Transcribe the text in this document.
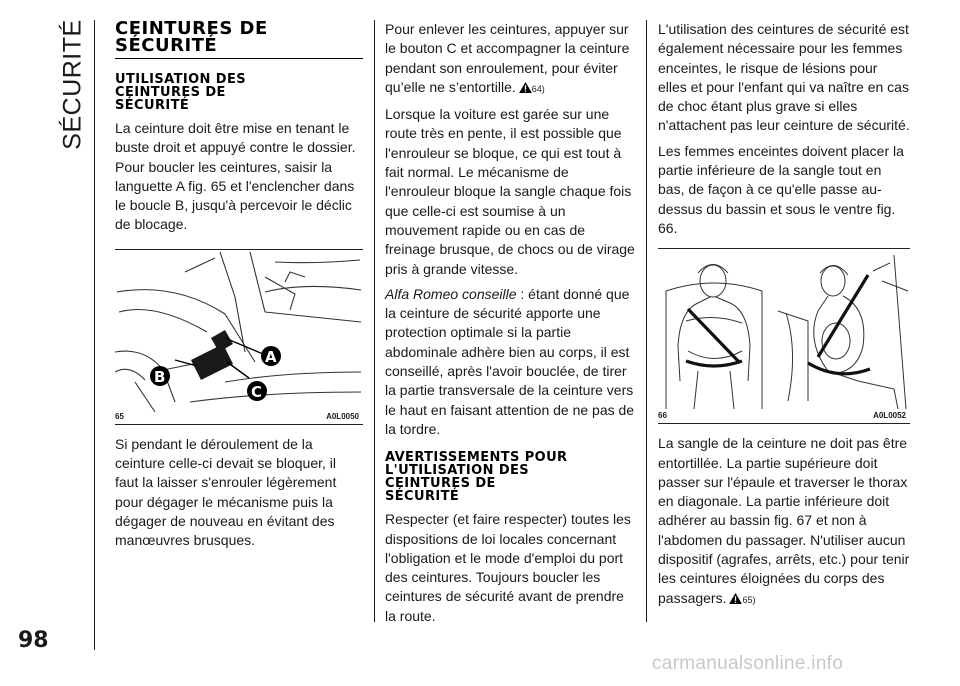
SÉCURITÉ CEINTURES DE
SÉCURITÉ
UTILISATION DES
CEINTURES DE
SÉCURITÉ

La ceinture doit être mise en tenant le buste droit et appuyé contre le dossier. Pour boucler les ceintures, saisir la languette A fig. 65 et l'enclencher dans le boucle B, jusqu'à percevoir le déclic de blocage.

A
B
C
65	A0L0050

Si pendant le déroulement de la ceinture celle-ci devait se bloquer, il faut la laisser s'enrouler légèrement pour dégager le mécanisme puis la dégager de nouveau en évitant des manœuvres brusques.

Pour enlever les ceintures, appuyer sur le bouton C et accompagner la ceinture pendant son enroulement, pour éviter qu’elle ne s’entortille. 64)

Lorsque la voiture est garée sur une route très en pente, il est possible que l'enrouleur se bloque, ce qui est tout à fait normal. Le mécanisme de l'enrouleur bloque la sangle chaque fois que celle-ci est soumise à un mouvement rapide ou en cas de freinage brusque, de chocs ou de virage pris à grande vitesse.

Alfa Romeo conseille : étant donné que la ceinture de sécurité apporte une protection optimale si la partie abdominale adhère bien au corps, il est conseillé, après l'avoir bouclée, de tirer la partie transversale de la ceinture vers le haut en faisant attention de ne pas de la tordre.

AVERTISSEMENTS POUR
L'UTILISATION DES
CEINTURES DE
SÉCURITÉ

Respecter (et faire respecter) toutes les dispositions de loi locales concernant l'obligation et le mode d'emploi du port des ceintures. Toujours boucler les ceintures de sécurité avant de prendre la route.

L'utilisation des ceintures de sécurité est également nécessaire pour les femmes enceintes, le risque de lésions pour elles et pour l'enfant qui va naître en cas de choc étant plus grave si elles n'attachent pas leur ceinture de sécurité.

Les femmes enceintes doivent placer la partie inférieure de la sangle tout en bas, de façon à ce qu'elle passe au-dessus du bassin et sous le ventre fig. 66.

66	A0L0052

La sangle de la ceinture ne doit pas être entortillée. La partie supérieure doit passer sur l'épaule et traverser le thorax en diagonale. La partie inférieure doit adhérer au bassin fig. 67 et non à l'abdomen du passager. N'utiliser aucun dispositif (agrafes, arrêts, etc.) pour tenir les ceintures éloignées du corps des passagers. 65)

98
carmanualsonline.info
